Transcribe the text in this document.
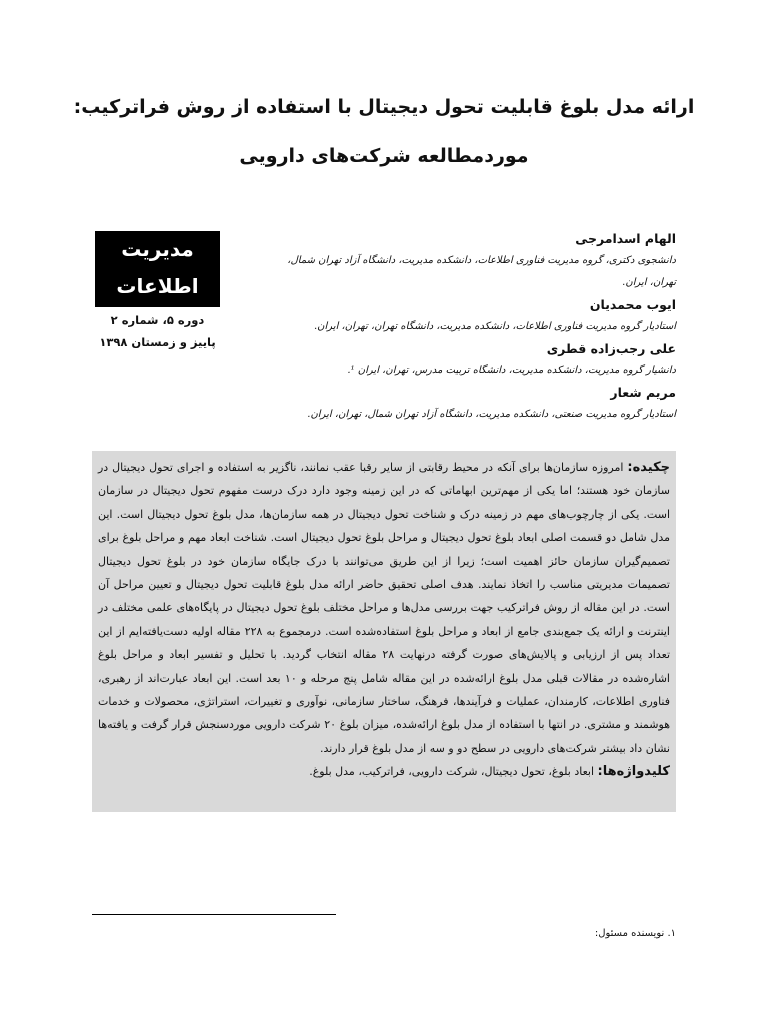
ارائه مدل بلوغ قابلیت تحول دیجیتال با استفاده از روش فراترکیب:
موردمطالعه شرکت‌های دارویی
مدیریت
اطلاعات
دوره ۵، شماره ۲
پاییز و زمستان ۱۳۹۸
الهام اسدامرجی
دانشجوی دکتری، گروه مدیریت فناوری اطلاعات، دانشکده مدیریت، دانشگاه آزاد تهران شمال،
تهران، ایران.
ایوب محمدیان
استادیار گروه مدیریت فناوری اطلاعات، دانشکده مدیریت، دانشگاه تهران، تهران، ایران.
علی رجب‌زاده قطری
دانشیار گروه مدیریت، دانشکده مدیریت، دانشگاه تربیت مدرس، تهران، ایران ¹.
مریم شعار
استادیار گروه مدیریت صنعتی، دانشکده مدیریت، دانشگاه آزاد تهران شمال، تهران، ایران.
چکیده: امروزه سازمان‌ها برای آنکه در محیط رقابتی از سایر رقبا عقب نمانند، ناگزیر به استفاده و اجرای تحول دیجیتال در سازمان خود هستند؛ اما یکی از مهم‌ترین ابهاماتی که در این زمینه وجود دارد درک درست مفهوم تحول دیجیتال در سازمان است. یکی از چارچوب‌های مهم در زمینه درک و شناخت تحول دیجیتال در همه سازمان‌ها، مدل بلوغ تحول دیجیتال است. این مدل شامل دو قسمت اصلی ابعاد بلوغ تحول دیجیتال و مراحل بلوغ تحول دیجیتال است. شناخت ابعاد مهم و مراحل بلوغ برای تصمیم‌گیران سازمان حائز اهمیت است؛ زیرا از این طریق می‌توانند با درک جایگاه سازمان خود در بلوغ تحول دیجیتال تصمیمات مدیریتی مناسب را اتخاذ نمایند. هدف اصلی تحقیق حاضر ارائه مدل بلوغ قابلیت تحول دیجیتال و تعیین مراحل آن است. در این مقاله از روش فراترکیب جهت بررسی مدل‌ها و مراحل مختلف بلوغ تحول دیجیتال در پایگاه‌های علمی مختلف در اینترنت و ارائه یک جمع‌بندی جامع از ابعاد و مراحل بلوغ استفاده‌شده است. درمجموع به ۲۲۸ مقاله اولیه دست‌یافته‌ایم از این تعداد پس از ارزیابی و پالایش‌های صورت گرفته درنهایت ۲۸ مقاله انتخاب گردید. با تحلیل و تفسیر ابعاد و مراحل بلوغ اشاره‌شده در مقالات قبلی مدل بلوغ ارائه‌شده در این مقاله شامل پنج مرحله و ۱۰ بعد است. این ابعاد عبارت‌اند از رهبری، فناوری اطلاعات، کارمندان، عملیات و فرآیندها، فرهنگ، ساختار سازمانی، نوآوری و تغییرات، استراتژی، محصولات و خدمات هوشمند و مشتری. در انتها با استفاده از مدل بلوغ ارائه‌شده، میزان بلوغ ۲۰ شرکت دارویی موردسنجش قرار گرفت و یافته‌ها نشان داد بیشتر شرکت‌های دارویی در سطح دو و سه از مدل بلوغ قرار دارند.
کلیدواژه‌ها: ابعاد بلوغ، تحول دیجیتال، شرکت دارویی، فراترکیب، مدل بلوغ.
۱. نویسنده مسئول:
